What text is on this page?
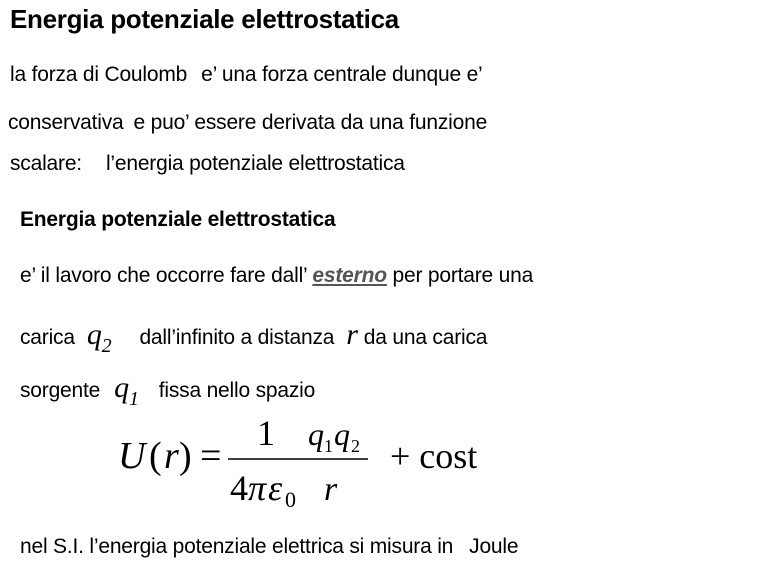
Energia potenziale elettrostatica
la forza di Coulomb e’ una forza centrale dunque e’
conservativa e puo’ essere derivata da una funzione
scalare: l’energia potenziale elettrostatica
Energia potenziale elettrostatica
e’ il lavoro che occorre fare dall’ esterno per portare una
carica q2 dall’infinito a distanza r da una carica
sorgente q1 fissa nello spazio
U ( r ) =
1
4 π ε 0
q 1 q 2
r
+ cost
nel S.I. l’energia potenziale elettrica si misura in Joule
